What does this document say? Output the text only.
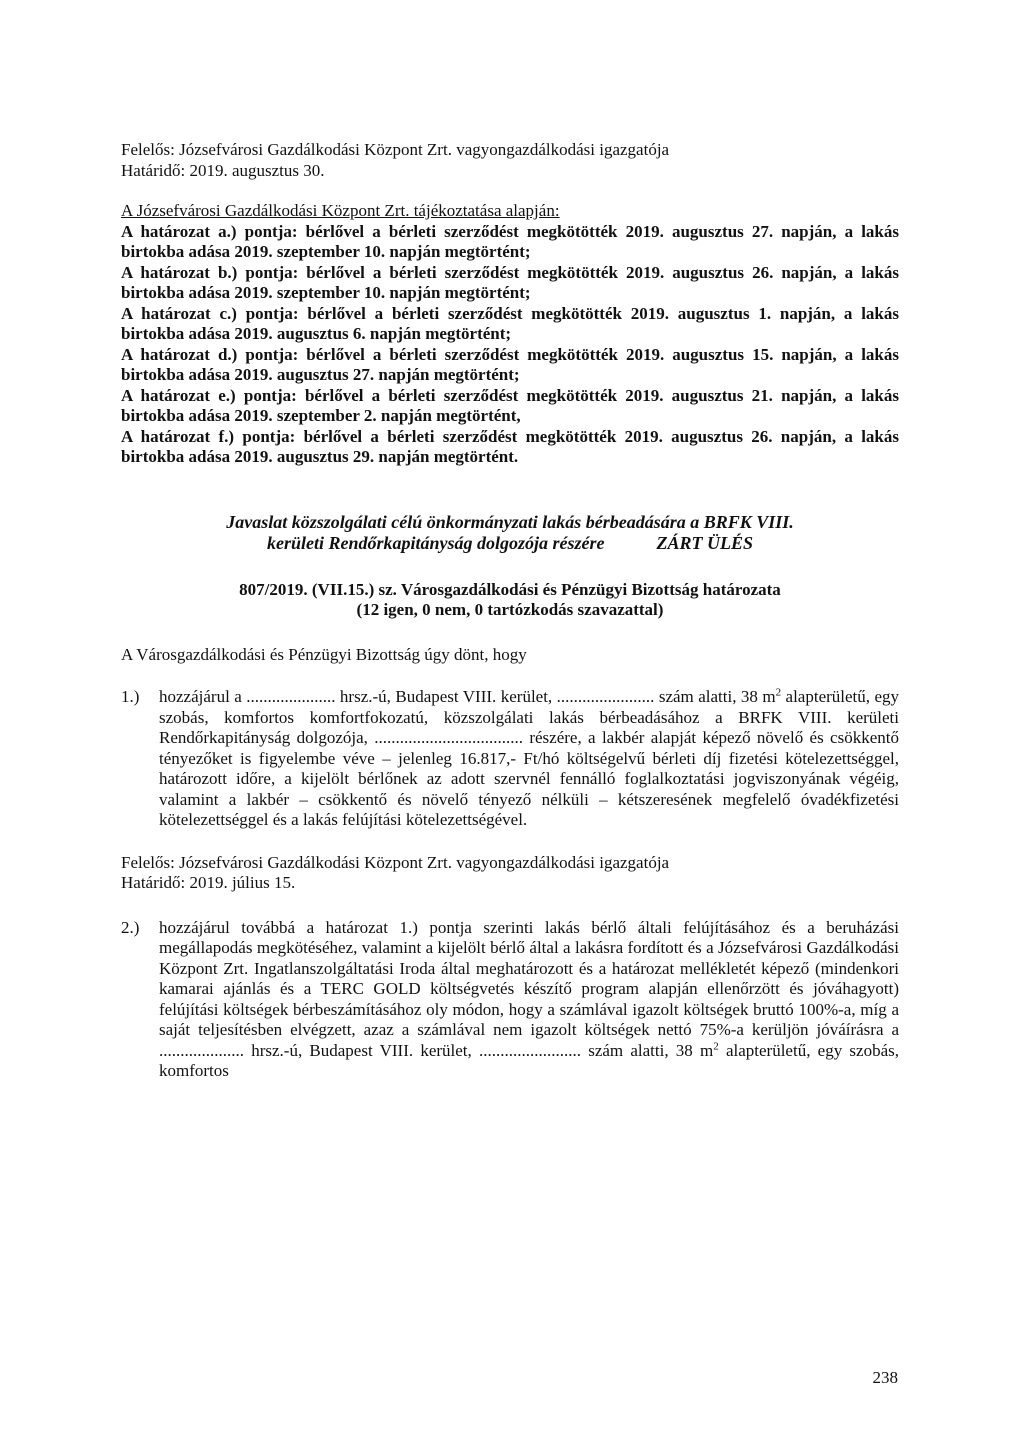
Felelős: Józsefvárosi Gazdálkodási Központ Zrt. vagyongazdálkodási igazgatója

Határidő: 2019. augusztus 30.

A Józsefvárosi Gazdálkodási Központ Zrt. tájékoztatása alapján:

A határozat a.) pontja: bérlővel a bérleti szerződést megkötötték 2019. augusztus 27. napján, a lakás birtokba adása 2019. szeptember 10. napján megtörtént;

A határozat b.) pontja: bérlővel a bérleti szerződést megkötötték 2019. augusztus 26. napján, a lakás birtokba adása 2019. szeptember 10. napján megtörtént;

A határozat c.) pontja: bérlővel a bérleti szerződést megkötötték 2019. augusztus 1. napján, a lakás birtokba adása 2019. augusztus 6. napján megtörtént;

A határozat d.) pontja: bérlővel a bérleti szerződést megkötötték 2019. augusztus 15. napján, a lakás birtokba adása 2019. augusztus 27. napján megtörtént;

A határozat e.) pontja: bérlővel a bérleti szerződést megkötötték 2019. augusztus 21. napján, a lakás birtokba adása 2019. szeptember 2. napján megtörtént,

A határozat f.) pontja: bérlővel a bérleti szerződést megkötötték 2019. augusztus 26. napján, a lakás birtokba adása 2019. augusztus 29. napján megtörtént.

Javaslat közszolgálati célú önkormányzati lakás bérbeadására a BRFK VIII.

kerületi Rendőrkapitányság dolgozója részére	ZÁRT ÜLÉS

807/2019. (VII.15.) sz. Városgazdálkodási és Pénzügyi Bizottság határozata

(12 igen, 0 nem, 0 tartózkodás szavazattal)

A Városgazdálkodási és Pénzügyi Bizottság úgy dönt, hogy

1.)	hozzájárul a ..................... hrsz.-ú, Budapest VIII. kerület, ....................... szám alatti, 38 $m^2$ alapterületű, egy szobás, komfortos komfortfokozatú, közszolgálati lakás bérbeadásához a BRFK VIII. kerületi Rendőrkapitányság dolgozója, ................................... részére, a lakbér alapját képező növelő és csökkentő tényezőket is figyelembe véve – jelenleg 16.817,- Ft/hó költségelvű bérleti díj fizetési kötelezettséggel, határozott időre, a kijelölt bérlőnek az adott szervnél fennálló foglalkoztatási jogviszonyának végéig, valamint a lakbér – csökkentő és növelő tényező nélküli – kétszeresének megfelelő óvadékfizetési kötelezettséggel és a lakás felújítási kötelezettségével.

Felelős: Józsefvárosi Gazdálkodási Központ Zrt. vagyongazdálkodási igazgatója

Határidő: 2019. július 15.

2.)	hozzájárul továbbá a határozat 1.) pontja szerinti lakás bérlő általi felújításához és a beruházási megállapodás megkötéséhez, valamint a kijelölt bérlő által a lakásra fordított és a Józsefvárosi Gazdálkodási Központ Zrt. Ingatlanszolgáltatási Iroda által meghatározott és a határozat mellékletét képező (mindenkori kamarai ajánlás és a TERC GOLD költségvetés készítő program alapján ellenőrzött és jóváhagyott) felújítási költségek bérbeszámításához oly módon, hogy a számlával igazolt költségek bruttó 100%-a, míg a saját teljesítésben elvégzett, azaz a számlával nem igazolt költségek nettó 75%-a kerüljön jóváírásra a .................... hrsz.-ú, Budapest VIII. kerület, ........................ szám alatti, 38 $m^2$ alapterületű, egy szobás, komfortos
238
